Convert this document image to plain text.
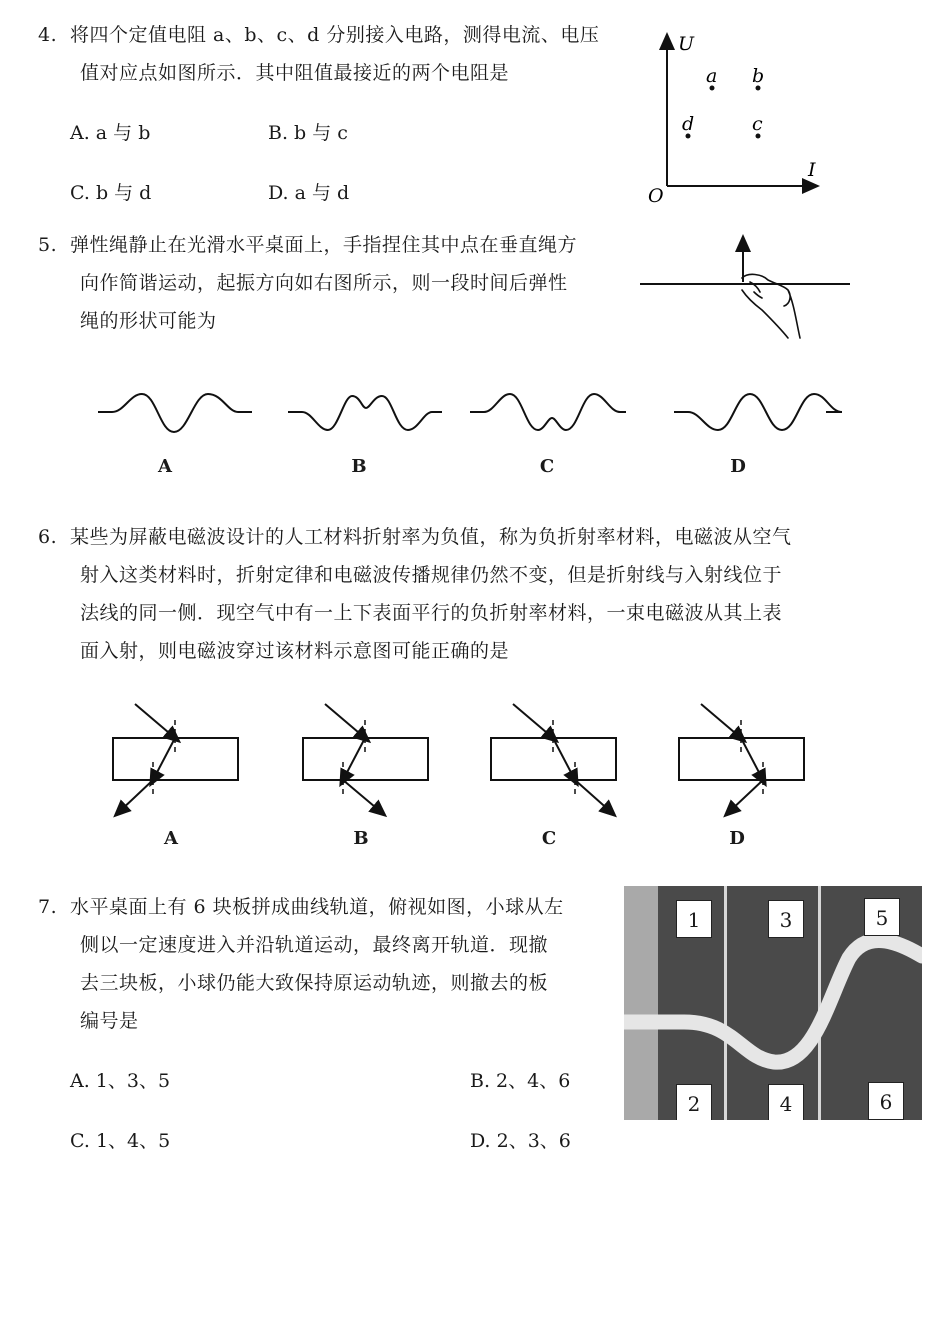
4. 将四个定值电阻 a、b、c、d 分别接入电路，测得电流、电压
值对应点如图所示．其中阻值最接近的两个电阻是
A. a 与 b	B. b 与 c
C. b 与 d	D. a 与 d
U
I
O
a b
c
d
5. 弹性绳静止在光滑水平桌面上，手指捏住其中点在垂直绳方
向作简谐运动，起振方向如右图所示，则一段时间后弹性
绳的形状可能为
A	B	C	D
6. 某些为屏蔽电磁波设计的人工材料折射率为负值，称为负折射率材料，电磁波从空气
射入这类材料时，折射定律和电磁波传播规律仍然不变，但是折射线与入射线位于
法线的同一侧．现空气中有一上下表面平行的负折射率材料，一束电磁波从其上表
面入射，则电磁波穿过该材料示意图可能正确的是
A	B	C	D
7. 水平桌面上有 6 块板拼成曲线轨道，俯视如图，小球从左
侧以一定速度进入并沿轨道运动，最终离开轨道．现撤
去三块板，小球仍能大致保持原运动轨迹，则撤去的板
编号是
A. 1、3、5	B. 2、4、6
C. 1、4、5	D. 2、3、6
1
2
3
4
5
6
